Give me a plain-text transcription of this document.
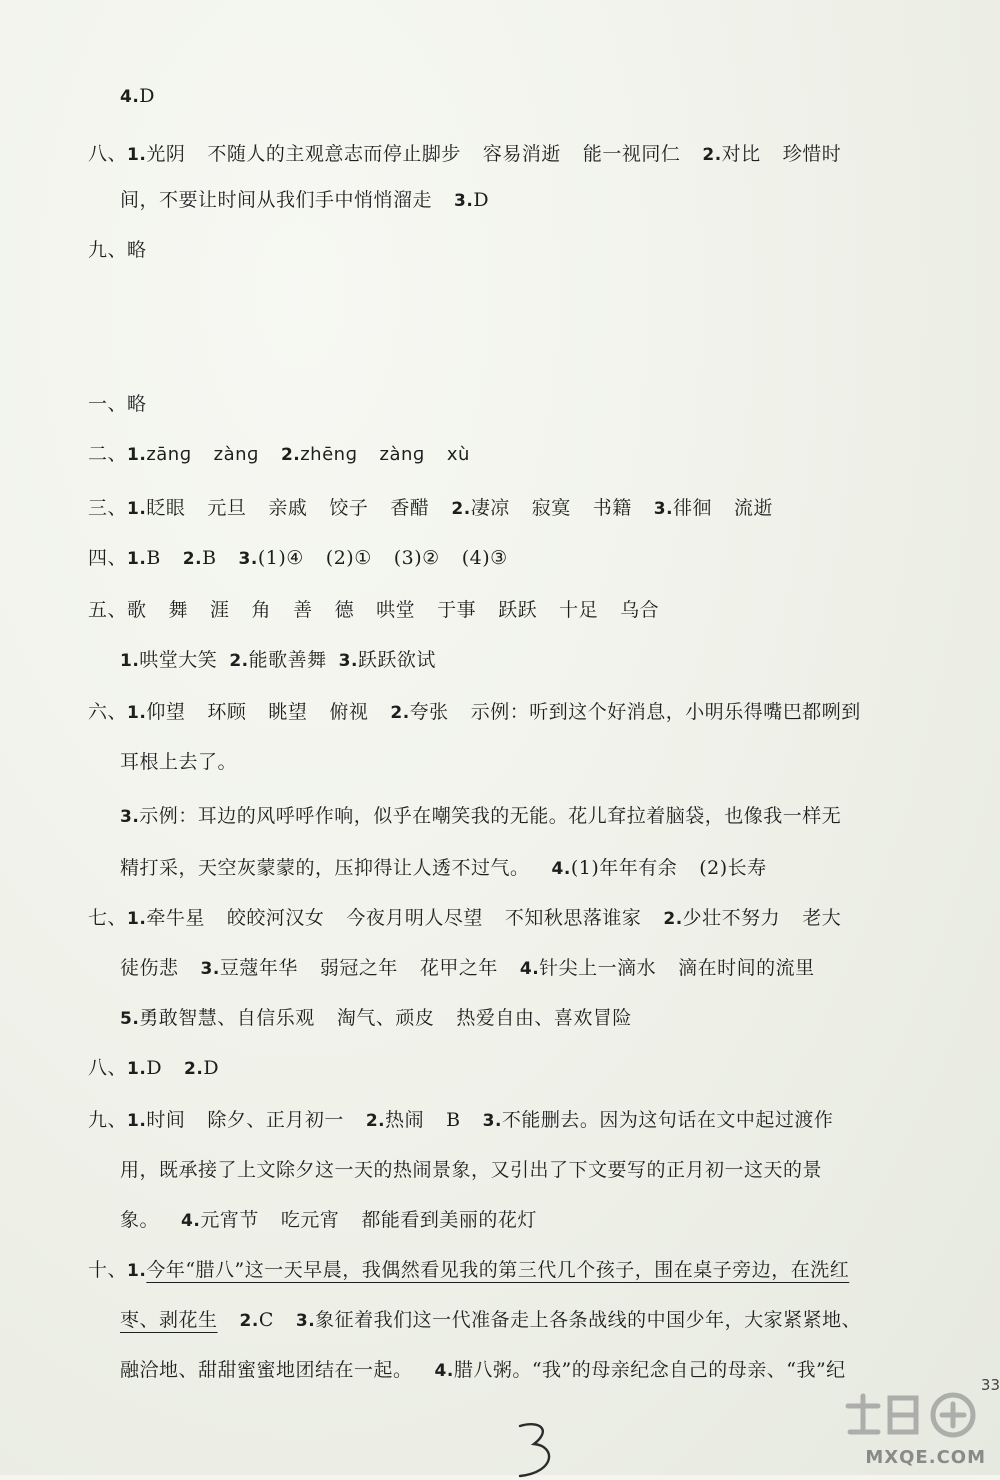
4.D
八、1.光阴 不随人的主观意志而停止脚步 容易消逝 能一视同仁 2.对比 珍惜时
间，不要让时间从我们手中悄悄溜走 3.D
九、略
一、略
二、1.zānɡ zànɡ 2.zhēnɡ zànɡ xù
三、1.眨眼 元旦 亲戚 饺子 香醋 2.凄凉 寂寞 书籍 3.徘徊 流逝
四、1.B 2.B 3.(1)④ (2)① (3)② (4)③
五、歌 舞 涯 角 善 德 哄堂 于事 跃跃 十足 乌合
1.哄堂大笑 2.能歌善舞 3.跃跃欲试
六、1.仰望 环顾 眺望 俯视 2.夸张 示例：听到这个好消息，小明乐得嘴巴都咧到
耳根上去了。
3.示例：耳边的风呼呼作响，似乎在嘲笑我的无能。花儿耷拉着脑袋，也像我一样无
精打采，天空灰蒙蒙的，压抑得让人透不过气。 4.(1)年年有余 (2)长寿
七、1.牵牛星 皎皎河汉女 今夜月明人尽望 不知秋思落谁家 2.少壮不努力 老大
徒伤悲 3.豆蔻年华 弱冠之年 花甲之年 4.针尖上一滴水 滴在时间的流里
5.勇敢智慧、自信乐观 淘气、顽皮 热爱自由、喜欢冒险
八、1.D 2.D
九、1.时间 除夕、正月初一 2.热闹 B 3.不能删去。因为这句话在文中起过渡作
用，既承接了上文除夕这一天的热闹景象，又引出了下文要写的正月初一这天的景
象。 4.元宵节 吃元宵 都能看到美丽的花灯
十、1.今年“腊八”这一天早晨，我偶然看见我的第三代几个孩子，围在桌子旁边，在洗红
枣、剥花生 2.C 3.象征着我们这一代准备走上各条战线的中国少年，大家紧紧地、
融洽地、甜甜蜜蜜地团结在一起。 4.腊八粥。“我”的母亲纪念自己的母亲、“我”纪
33
MXQE.COM
